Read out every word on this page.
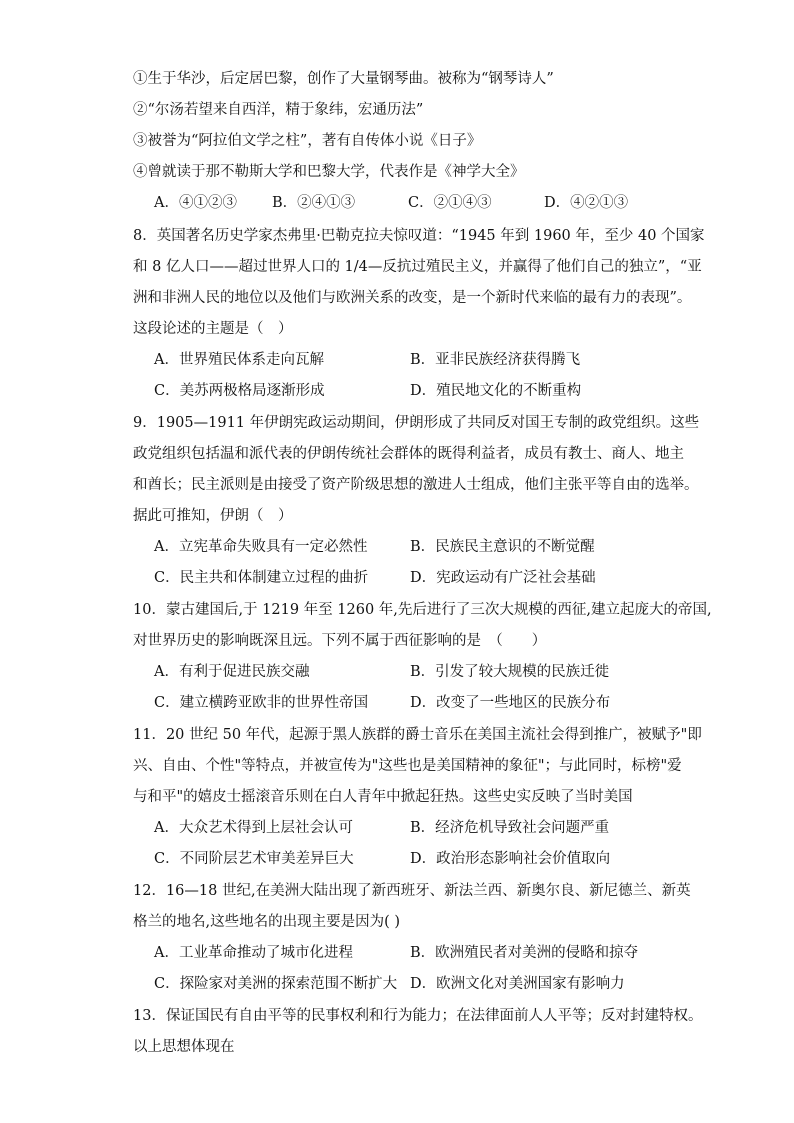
①生于华沙，后定居巴黎，创作了大量钢琴曲。被称为“钢琴诗人”
②“尔汤若望来自西洋，精于象纬，宏通历法”
③被誉为“阿拉伯文学之柱”，著有自传体小说《日子》
④曾就读于那不勒斯大学和巴黎大学，代表作是《神学大全》
A．④①②③ B．②④①③	C．②①④③	D．④②①③
8．英国著名历史学家杰弗里·巴勒克拉夫惊叹道：“1945 年到 1960 年，至少 40 个国家
和 8 亿人口——超过世界人口的 1/4—反抗过殖民主义，并赢得了他们自己的独立”，“亚
洲和非洲人民的地位以及他们与欧洲关系的改变，是一个新时代来临的最有力的表现”。
这段论述的主题是（　）
A．世界殖民体系走向瓦解	B．亚非民族经济获得腾飞
C．美苏两极格局逐渐形成	D．殖民地文化的不断重构
9．1905—1911 年伊朗宪政运动期间，伊朗形成了共同反对国王专制的政党组织。这些
政党组织包括温和派代表的伊朗传统社会群体的既得利益者，成员有教士、商人、地主
和酋长；民主派则是由接受了资产阶级思想的激进人士组成，他们主张平等自由的选举。
据此可推知，伊朗（　）
A．立宪革命失败具有一定必然性	B．民族民主意识的不断觉醒
C．民主共和体制建立过程的曲折	D．宪政运动有广泛社会基础
10．蒙古建国后,于 1219 年至 1260 年,先后进行了三次大规模的西征,建立起庞大的帝国,
对世界历史的影响既深且远。下列不属于西征影响的是　（　　）
A．有利于促进民族交融	B．引发了较大规模的民族迁徙
C．建立横跨亚欧非的世界性帝国	D．改变了一些地区的民族分布
11．20 世纪 50 年代，起源于黑人族群的爵士音乐在美国主流社会得到推广，被赋予"即
兴、自由、个性"等特点，并被宣传为"这些也是美国精神的象征"；与此同时，标榜"爱
与和平"的嬉皮士摇滚音乐则在白人青年中掀起狂热。这些史实反映了当时美国
A．大众艺术得到上层社会认可	B．经济危机导致社会问题严重
C．不同阶层艺术审美差异巨大	D．政治形态影响社会价值取向
12．16—18 世纪,在美洲大陆出现了新西班牙、新法兰西、新奥尔良、新尼德兰、新英
格兰的地名,这些地名的出现主要是因为( )
A．工业革命推动了城市化进程	B．欧洲殖民者对美洲的侵略和掠夺
C．探险家对美洲的探索范围不断扩大 D．欧洲文化对美洲国家有影响力
13．保证国民有自由平等的民事权利和行为能力；在法律面前人人平等；反对封建特权。
以上思想体现在
